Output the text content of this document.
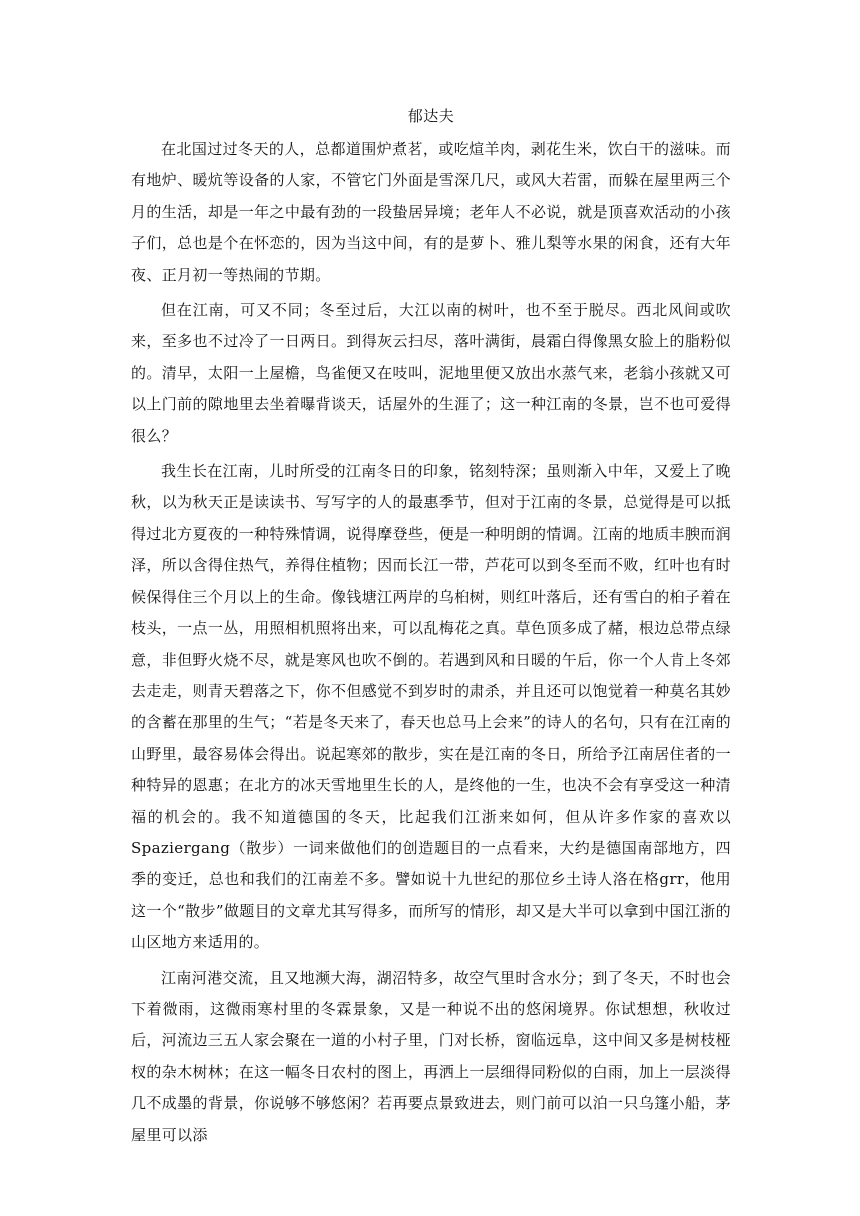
郁达夫

在北国过过冬天的人，总都道围炉煮茗，或吃煊羊肉，剥花生米，饮白干的滋味。而有地炉、暖炕等设备的人家，不管它门外面是雪深几尺，或风大若雷，而躲在屋里两三个月的生活，却是一年之中最有劲的一段蛰居异境；老年人不必说，就是顶喜欢活动的小孩子们，总也是个在怀恋的，因为当这中间，有的是萝卜、雅儿梨等水果的闲食，还有大年夜、正月初一等热闹的节期。

但在江南，可又不同；冬至过后，大江以南的树叶，也不至于脱尽。西北风间或吹来，至多也不过冷了一日两日。到得灰云扫尽，落叶满街，晨霜白得像黑女脸上的脂粉似的。清早，太阳一上屋檐，鸟雀便又在吱叫，泥地里便又放出水蒸气来，老翁小孩就又可以上门前的隙地里去坐着曝背谈天，话屋外的生涯了；这一种江南的冬景，岂不也可爱得很么？

我生长在江南，儿时所受的江南冬日的印象，铭刻特深；虽则渐入中年，又爱上了晚秋，以为秋天正是读读书、写写字的人的最惠季节，但对于江南的冬景，总觉得是可以抵得过北方夏夜的一种特殊情调，说得摩登些，便是一种明朗的情调。江南的地质丰腴而润泽，所以含得住热气，养得住植物；因而长江一带，芦花可以到冬至而不败，红叶也有时候保得住三个月以上的生命。像钱塘江两岸的乌桕树，则红叶落后，还有雪白的桕子着在枝头，一点一丛，用照相机照将出来，可以乱梅花之真。草色顶多成了赭，根边总带点绿意，非但野火烧不尽，就是寒风也吹不倒的。若遇到风和日暖的午后，你一个人肯上冬郊去走走，则青天碧落之下，你不但感觉不到岁时的肃杀，并且还可以饱觉着一种莫名其妙的含蓄在那里的生气；“若是冬天来了，春天也总马上会来”的诗人的名句，只有在江南的山野里，最容易体会得出。说起寒郊的散步，实在是江南的冬日，所给予江南居住者的一种特异的恩惠；在北方的冰天雪地里生长的人，是终他的一生，也决不会有享受这一种清福的机会的。我不知道德国的冬天，比起我们江浙来如何，但从许多作家的喜欢以 Spaziergang（散步）一词来做他们的创造题目的一点看来，大约是德国南部地方，四季的变迁，总也和我们的江南差不多。譬如说十九世纪的那位乡土诗人洛在格grr，他用这一个“散步”做题目的文章尤其写得多，而所写的情形，却又是大半可以拿到中国江浙的山区地方来适用的。

江南河港交流，且又地濒大海，湖沼特多，故空气里时含水分；到了冬天，不时也会下着微雨，这微雨寒村里的冬霖景象，又是一种说不出的悠闲境界。你试想想，秋收过后，河流边三五人家会聚在一道的小村子里，门对长桥，窗临远阜，这中间又多是树枝桠杈的杂木树林；在这一幅冬日农村的图上，再洒上一层细得同粉似的白雨，加上一层淡得几不成墨的背景，你说够不够悠闲？若再要点景致进去，则门前可以泊一只乌篷小船，茅屋里可以添
